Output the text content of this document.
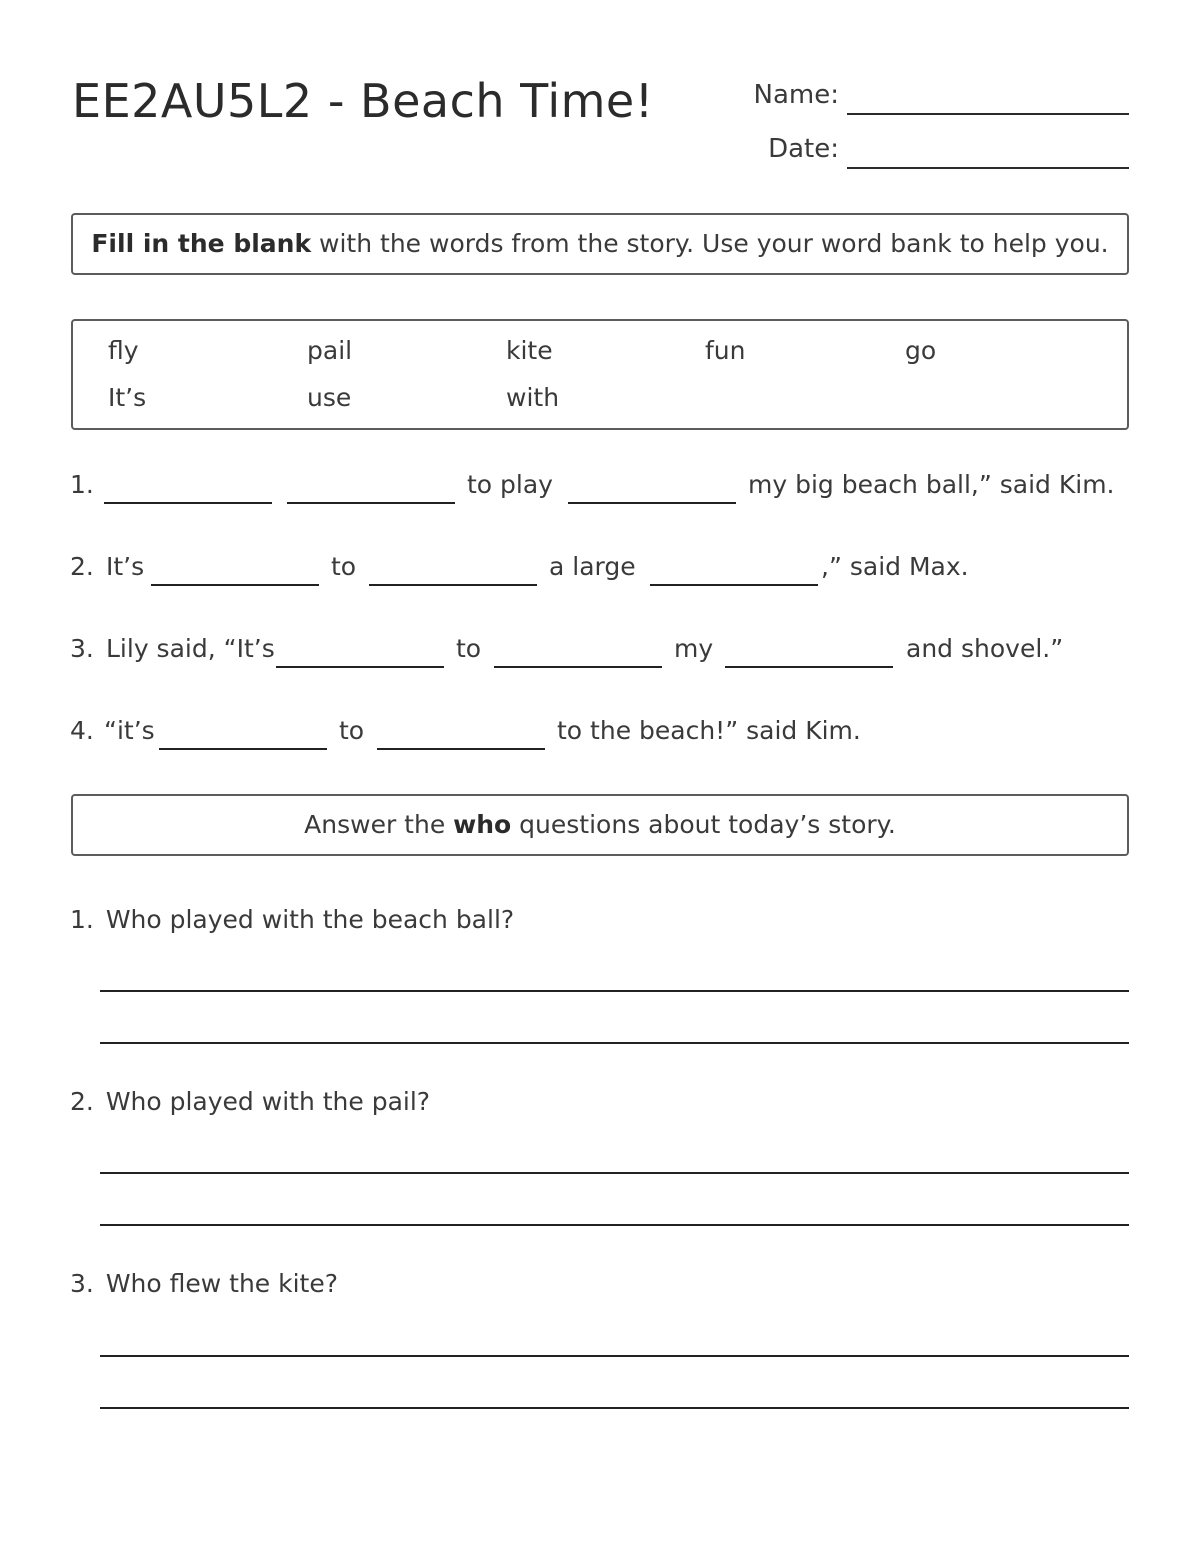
EE2AU5L2 - Beach Time!	Name:
Date:
Fill in the blank with the words from the story. Use your word bank to help you.
fly	pail	kite	fun	go
It’s	use	with
1.	to play	my big beach ball,” said Kim.
2. It’s	to	a large	,” said Max.
3. Lily said, “It’s	to	my	and shovel.”
4. “it’s	to	to the beach!” said Kim.
Answer the who questions about today’s story.
1. Who played with the beach ball?
2. Who played with the pail?
3. Who flew the kite?
